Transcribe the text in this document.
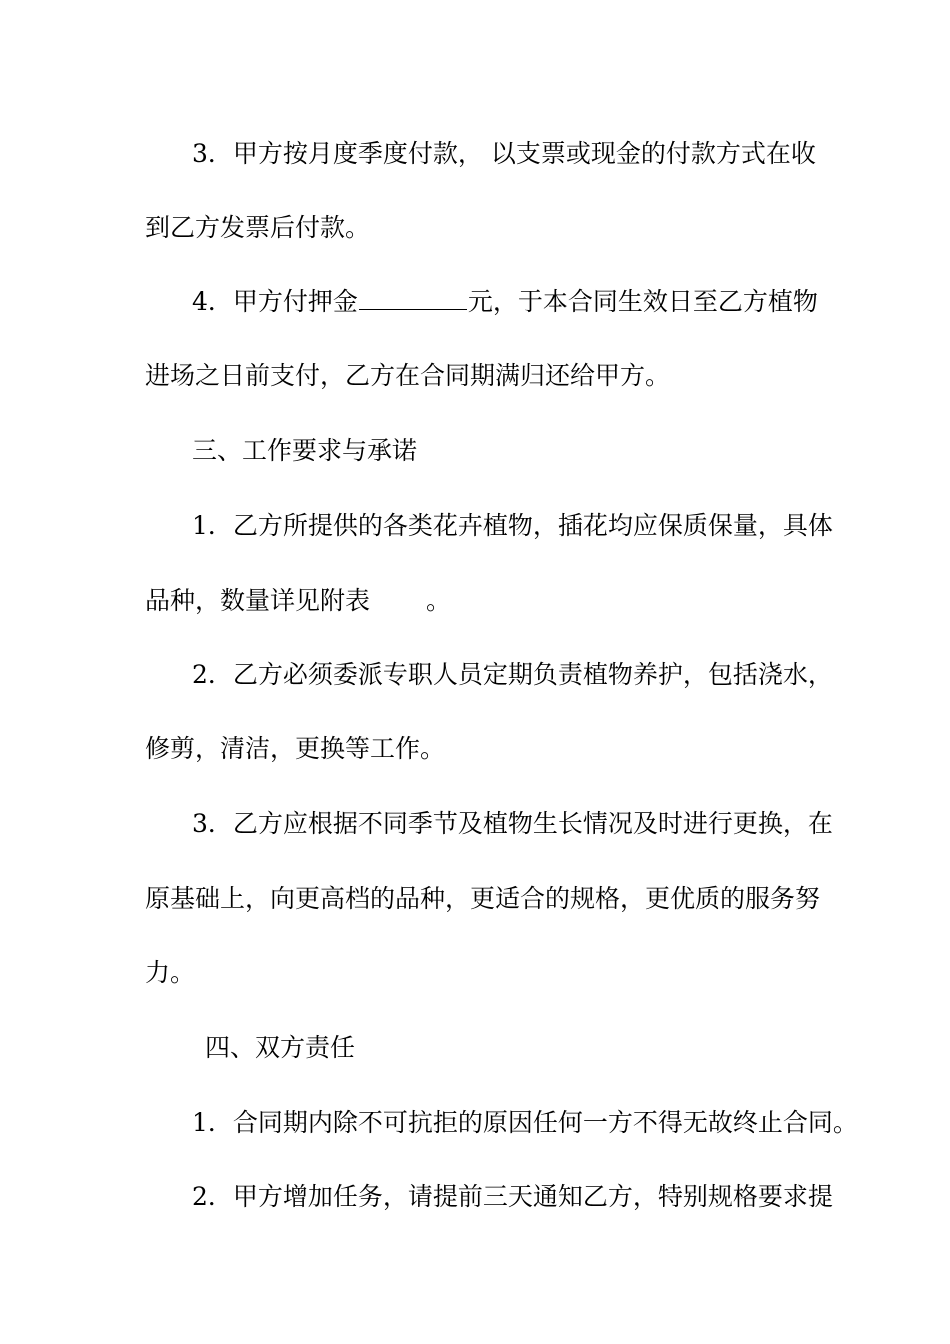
3．甲方按月度季度付款， 以支票或现金的付款方式在收
到乙方发票后付款。
4．甲方付押金	元，于本合同生效日至乙方植物
进场之日前支付，乙方在合同期满归还给甲方。
三、工作要求与承诺
1．乙方所提供的各类花卉植物，插花均应保质保量，具体
品种，数量详见附表 。
2．乙方必须委派专职人员定期负责植物养护，包括浇水，
修剪，清洁，更换等工作。
3．乙方应根据不同季节及植物生长情况及时进行更换，在
原基础上，向更高档的品种，更适合的规格，更优质的服务努
力。
四、双方责任
1．合同期内除不可抗拒的原因任何一方不得无故终止合同。
2．甲方增加任务，请提前三天通知乙方，特别规格要求提
